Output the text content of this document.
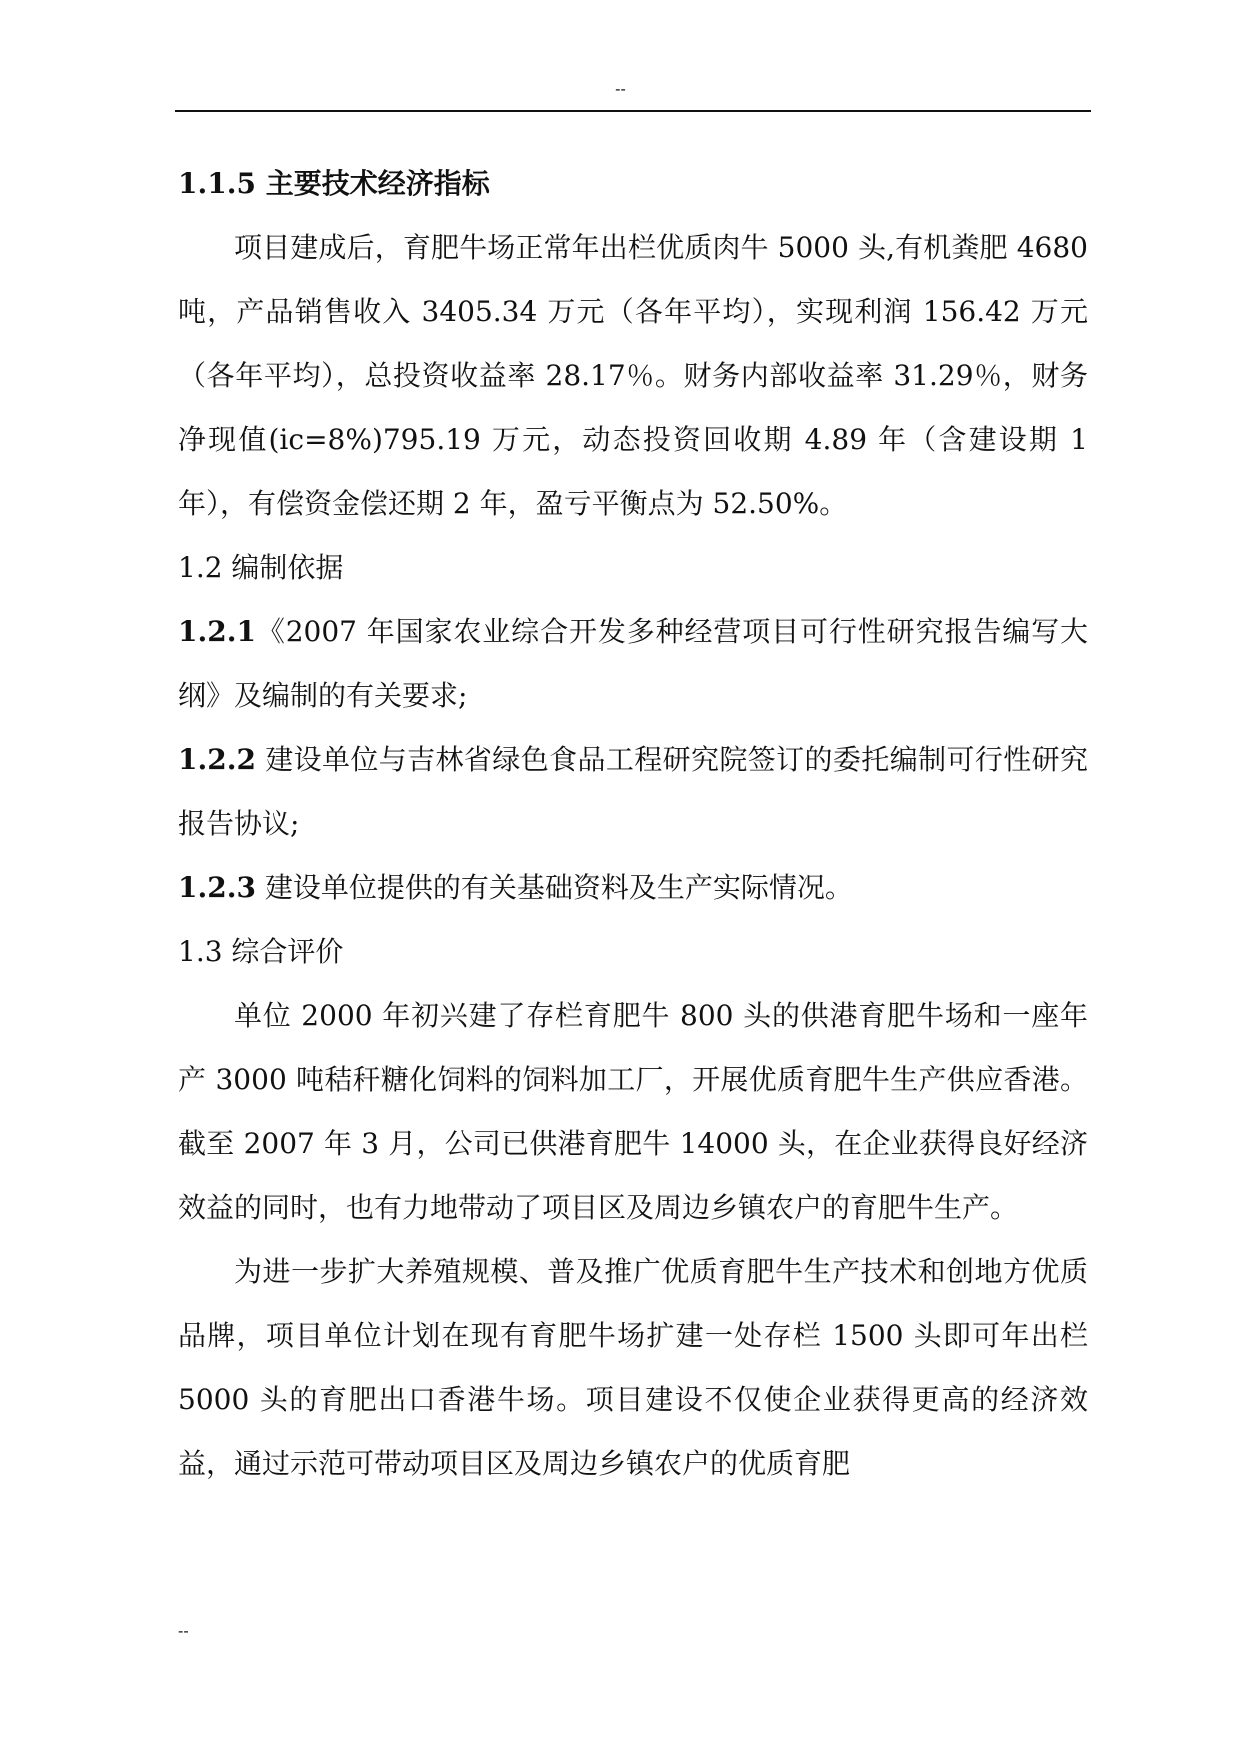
--

1.1.5 主要技术经济指标

项目建成后，育肥牛场正常年出栏优质肉牛 5000 头,有机粪肥 4680 吨，产品销售收入 3405.34 万元（各年平均），实现利润 156.42 万元（各年平均），总投资收益率 28.17％。财务内部收益率 31.29％，财务净现值(ic=8%)795.19 万元，动态投资回收期 4.89 年（含建设期 1 年），有偿资金偿还期 2 年，盈亏平衡点为 52.50%。

1.2 编制依据

1.2.1《2007 年国家农业综合开发多种经营项目可行性研究报告编写大纲》及编制的有关要求;

1.2.2 建设单位与吉林省绿色食品工程研究院签订的委托编制可行性研究报告协议;

1.2.3 建设单位提供的有关基础资料及生产实际情况。

1.3 综合评价

单位 2000 年初兴建了存栏育肥牛 800 头的供港育肥牛场和一座年产 3000 吨秸秆糖化饲料的饲料加工厂，开展优质育肥牛生产供应香港。截至 2007 年 3 月，公司已供港育肥牛 14000 头，在企业获得良好经济效益的同时，也有力地带动了项目区及周边乡镇农户的育肥牛生产。

为进一步扩大养殖规模、普及推广优质育肥牛生产技术和创地方优质品牌，项目单位计划在现有育肥牛场扩建一处存栏 1500 头即可年出栏 5000 头的育肥出口香港牛场。项目建设不仅使企业获得更高的经济效益，通过示范可带动项目区及周边乡镇农户的优质育肥

--
